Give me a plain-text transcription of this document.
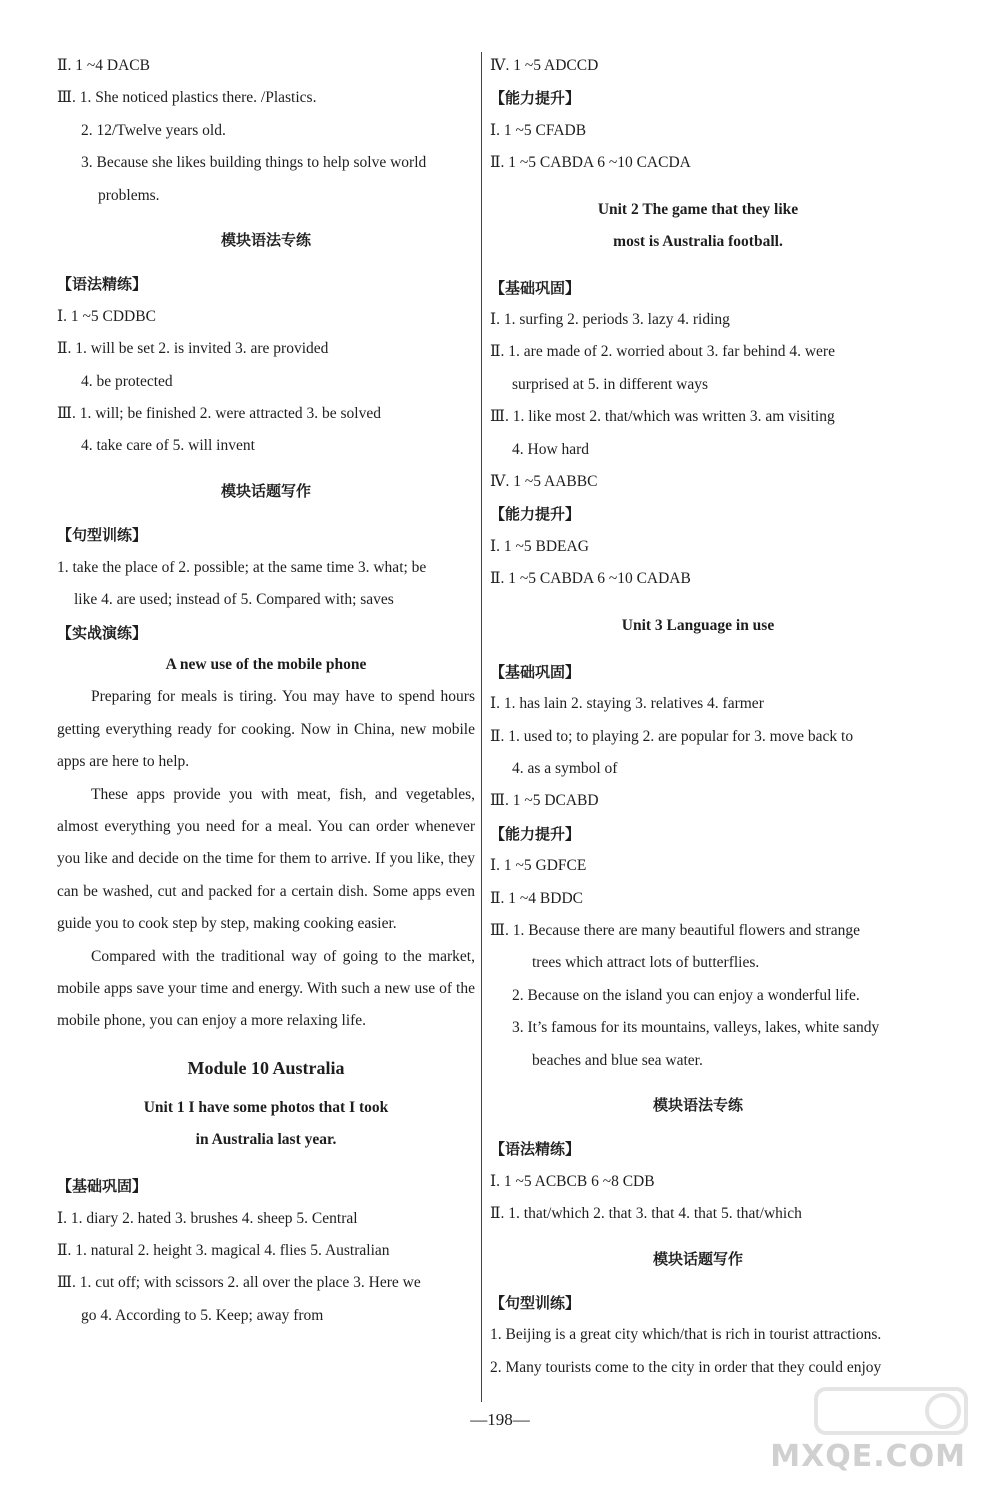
Ⅱ. 1 ~4 DACB
Ⅲ. 1. She noticed plastics there. /Plastics.
2. 12/Twelve years old.
3. Because she likes building things to help solve world
problems.
模块语法专练
【语法精练】
Ⅰ. 1 ~5 CDDBC
Ⅱ. 1. will be set 2. is invited 3. are provided
4. be protected
Ⅲ. 1. will; be finished 2. were attracted 3. be solved
4. take care of 5. will invent
模块话题写作
【句型训练】
1. take the place of 2. possible; at the same time 3. what; be
like 4. are used; instead of 5. Compared with; saves
【实战演练】
A new use of the mobile phone
Preparing for meals is tiring. You may have to spend hours getting everything ready for cooking. Now in China, new mobile apps are here to help.
These apps provide you with meat, fish, and vegetables, almost everything you need for a meal. You can order whenever you like and decide on the time for them to arrive. If you like, they can be washed, cut and packed for a certain dish. Some apps even guide you to cook step by step, making cooking easier.
Compared with the traditional way of going to the market, mobile apps save your time and energy. With such a new use of the mobile phone, you can enjoy a more relaxing life.
Module 10 Australia
Unit 1 I have some photos that I took
in Australia last year.
【基础巩固】
Ⅰ. 1. diary 2. hated 3. brushes 4. sheep 5. Central
Ⅱ. 1. natural 2. height 3. magical 4. flies 5. Australian
Ⅲ. 1. cut off; with scissors 2. all over the place 3. Here we
go 4. According to 5. Keep; away from
Ⅳ. 1 ~5 ADCCD
【能力提升】
Ⅰ. 1 ~5 CFADB
Ⅱ. 1 ~5 CABDA 6 ~10 CACDA
Unit 2 The game that they like
most is Australia football.
【基础巩固】
Ⅰ. 1. surfing 2. periods 3. lazy 4. riding
Ⅱ. 1. are made of 2. worried about 3. far behind 4. were
surprised at 5. in different ways
Ⅲ. 1. like most 2. that/which was written 3. am visiting
4. How hard
Ⅳ. 1 ~5 AABBC
【能力提升】
Ⅰ. 1 ~5 BDEAG
Ⅱ. 1 ~5 CABDA 6 ~10 CADAB
Unit 3 Language in use
【基础巩固】
Ⅰ. 1. has lain 2. staying 3. relatives 4. farmer
Ⅱ. 1. used to; to playing 2. are popular for 3. move back to
4. as a symbol of
Ⅲ. 1 ~5 DCABD
【能力提升】
Ⅰ. 1 ~5 GDFCE
Ⅱ. 1 ~4 BDDC
Ⅲ. 1. Because there are many beautiful flowers and strange
trees which attract lots of butterflies.
2. Because on the island you can enjoy a wonderful life.
3. It’s famous for its mountains, valleys, lakes, white sandy
beaches and blue sea water.
模块语法专练
【语法精练】
Ⅰ. 1 ~5 ACBCB 6 ~8 CDB
Ⅱ. 1. that/which 2. that 3. that 4. that 5. that/which
模块话题写作
【句型训练】
1. Beijing is a great city which/that is rich in tourist attractions.
2. Many tourists come to the city in order that they could enjoy
—198—
MXQE.COM
